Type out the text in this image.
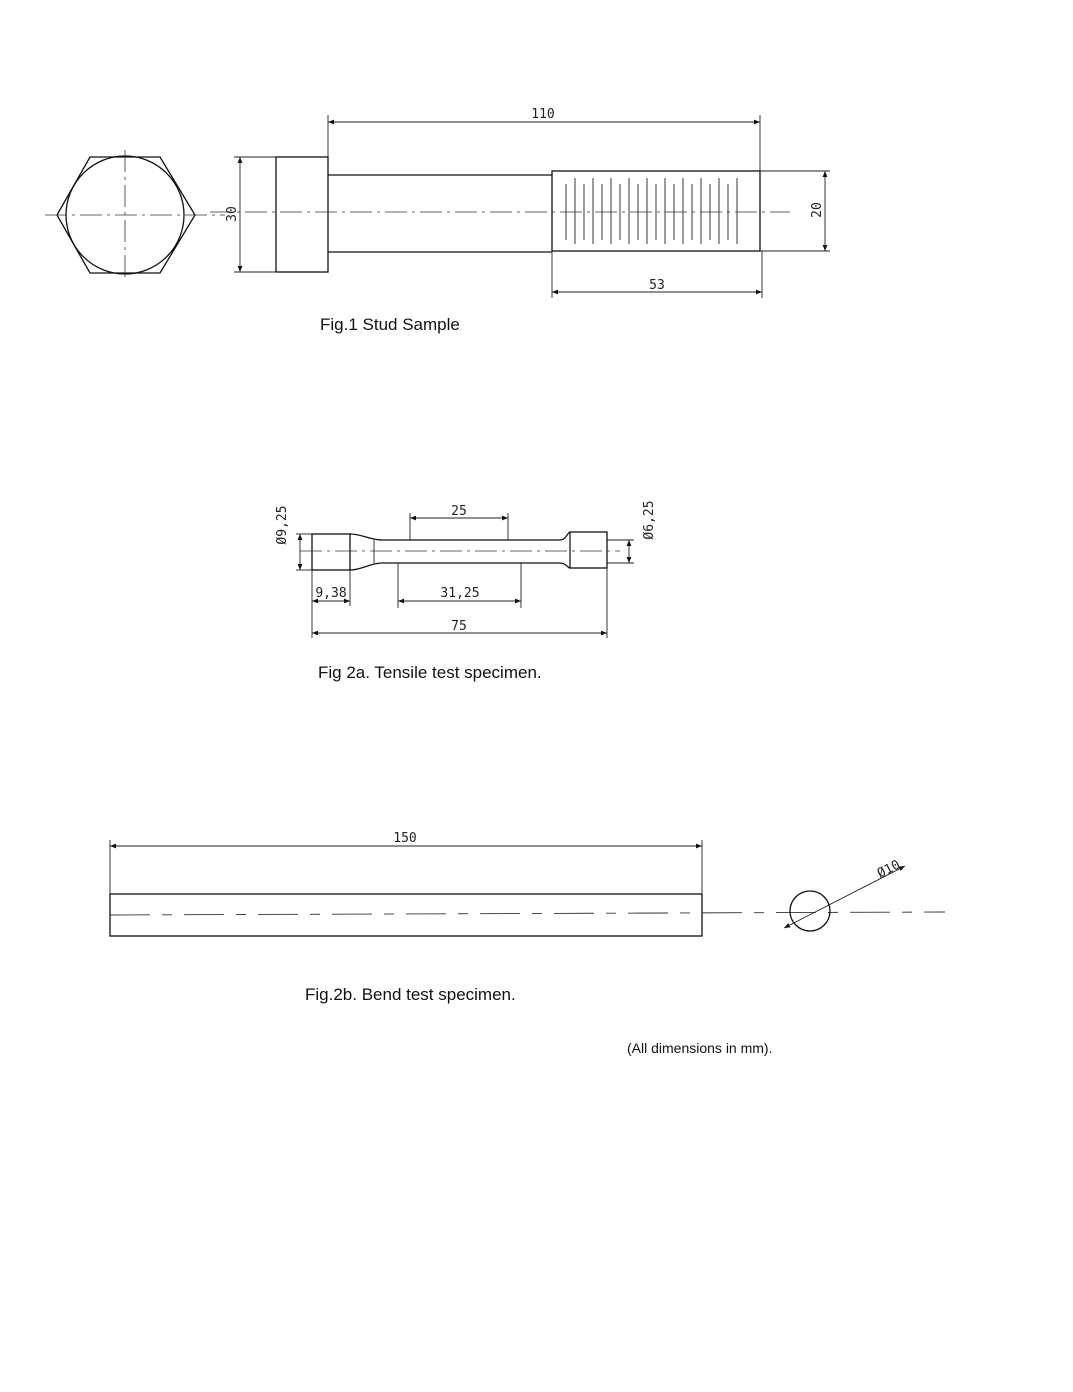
110
30	20
53
Fig.1 Stud Sample
Ø9,25	Ø6,25
25
9,38	31,25
75
Fig 2a. Tensile test specimen.
Ø10
150
Fig.2b. Bend test specimen.
(All dimensions in mm).
